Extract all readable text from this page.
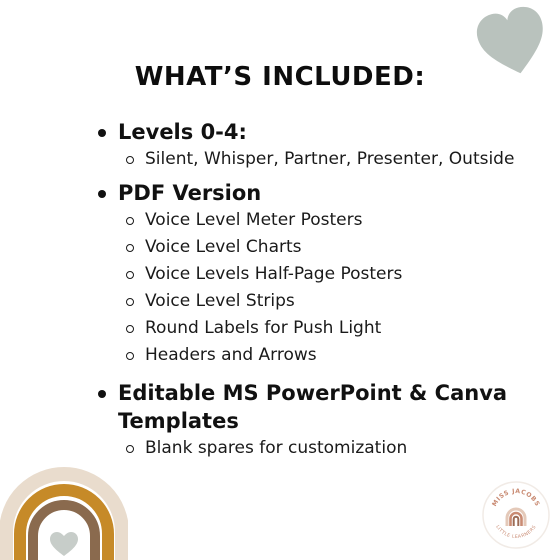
WHAT’S INCLUDED:
Levels 0-4:
Silent, Whisper, Partner, Presenter, Outside
PDF Version
Voice Level Meter Posters
Voice Level Charts
Voice Levels Half-Page Posters
Voice Level Strips
Round Labels for Push Light
Headers and Arrows
Editable MS PowerPoint & Canva Templates
Blank spares for customization
MISS JACOBS
LITTLE LEARNERS
